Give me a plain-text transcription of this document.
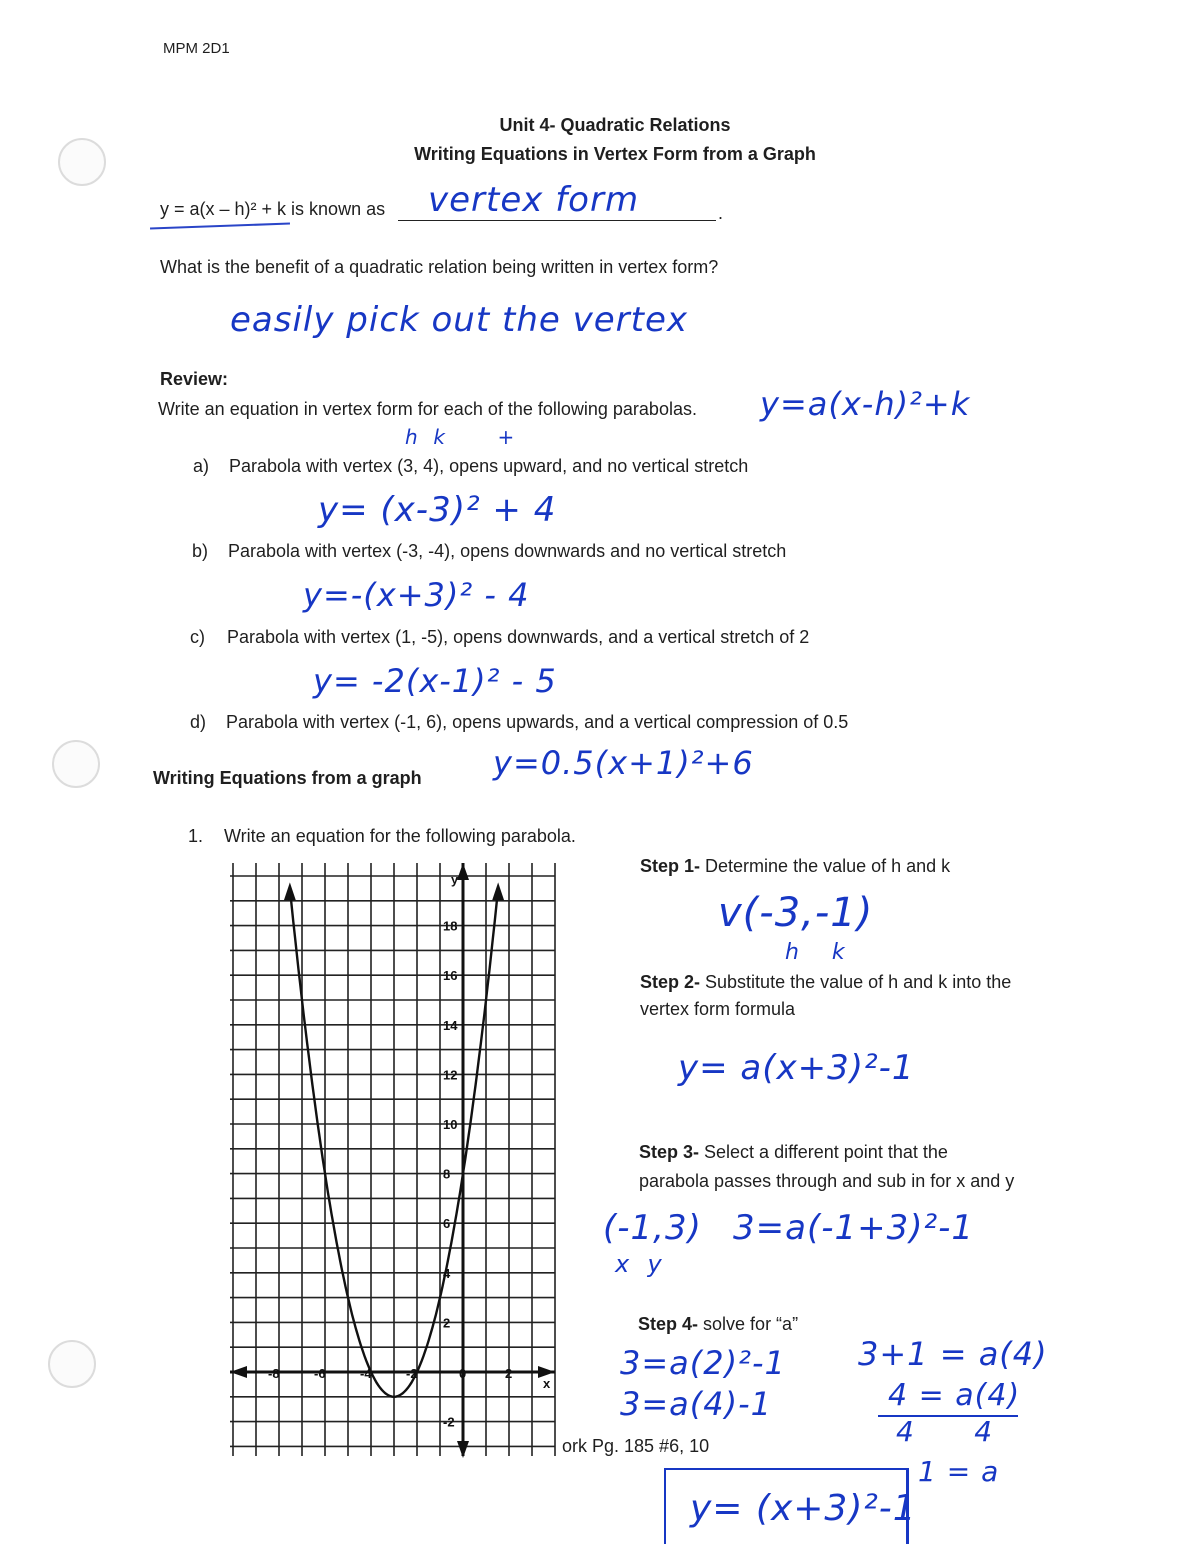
MPM 2D1
Unit 4- Quadratic Relations
Writing Equations in Vertex Form from a Graph
y = a(x – h)² + k is known as	.
vertex form
What is the benefit of a quadratic relation being written in vertex form?
easily pick out the vertex
Review:
Write an equation in vertex form for each of the following parabolas. y=a(x-h)²+k
h  k       +
a) Parabola with vertex (3, 4), opens upward, and no vertical stretch
y= (x-3)² + 4
b) Parabola with vertex (-3, -4), opens downwards and no vertical stretch
y=-(x+3)² - 4
c) Parabola with vertex (1, -5), opens downwards, and a vertical stretch of 2
y= -2(x-1)² - 5
d) Parabola with vertex (-1, 6), opens upwards, and a vertical compression of 0.5
y=0.5(x+1)²+6
Writing Equations from a graph
1. Write an equation for the following parabola.
y
x
18
16
14
12
10
8
6
4
2
-2
-8	-6	-4	-2	0	2
Step 1- Determine the value of h and k
v(-3,-1)
h    k
Step 2- Substitute the value of h and k into the
vertex form formula
y= a(x+3)²-1
Step 3- Select a different point that the
parabola passes through and sub in for x and y
(-1,3)
x  y
3=a(-1+3)²-1
Step 4- solve for “a”
3=a(2)²-1
3=a(4)-1
3+1 = a(4)
4 = a(4)
4      4
1 = a
ork Pg. 185 #6, 10
y= (x+3)²-1
